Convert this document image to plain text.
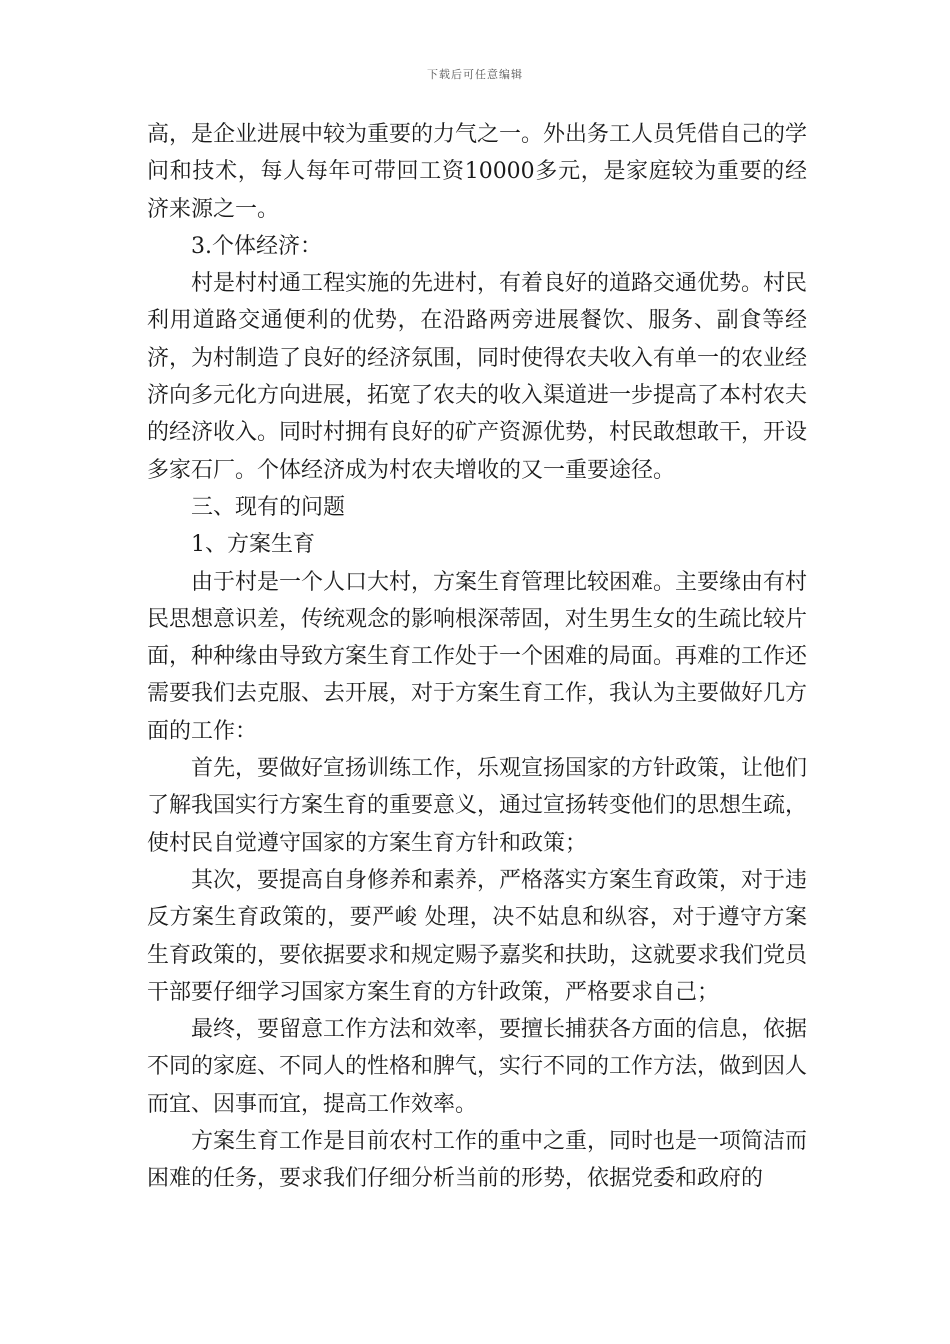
下载后可任意编辑

高，是企业进展中较为重要的力气之一。外出务工人员凭借自己的学问和技术，每人每年可带回工资10000多元，是家庭较为重要的经济来源之一。

3.个体经济：

村是村村通工程实施的先进村，有着良好的道路交通优势。村民利用道路交通便利的优势，在沿路两旁进展餐饮、服务、副食等经济，为村制造了良好的经济氛围，同时使得农夫收入有单一的农业经济向多元化方向进展，拓宽了农夫的收入渠道进一步提高了本村农夫的经济收入。同时村拥有良好的矿产资源优势，村民敢想敢干，开设多家石厂。个体经济成为村农夫增收的又一重要途径。

三、现有的问题

1、方案生育

由于村是一个人口大村，方案生育管理比较困难。主要缘由有村民思想意识差，传统观念的影响根深蒂固，对生男生女的生疏比较片面，种种缘由导致方案生育工作处于一个困难的局面。再难的工作还需要我们去克服、去开展，对于方案生育工作，我认为主要做好几方面的工作：

首先，要做好宣扬训练工作，乐观宣扬国家的方针政策，让他们了解我国实行方案生育的重要意义，通过宣扬转变他们的思想生疏，使村民自觉遵守国家的方案生育方针和政策；

其次，要提高自身修养和素养，严格落实方案生育政策，对于违反方案生育政策的，要严峻 处理，决不姑息和纵容，对于遵守方案生育政策的，要依据要求和规定赐予嘉奖和扶助，这就要求我们党员干部要仔细学习国家方案生育的方针政策，严格要求自己；

最终，要留意工作方法和效率，要擅长捕获各方面的信息，依据不同的家庭、不同人的性格和脾气，实行不同的工作方法，做到因人而宜、因事而宜，提高工作效率。

方案生育工作是目前农村工作的重中之重，同时也是一项简洁而困难的任务，要求我们仔细分析当前的形势，依据党委和政府的
